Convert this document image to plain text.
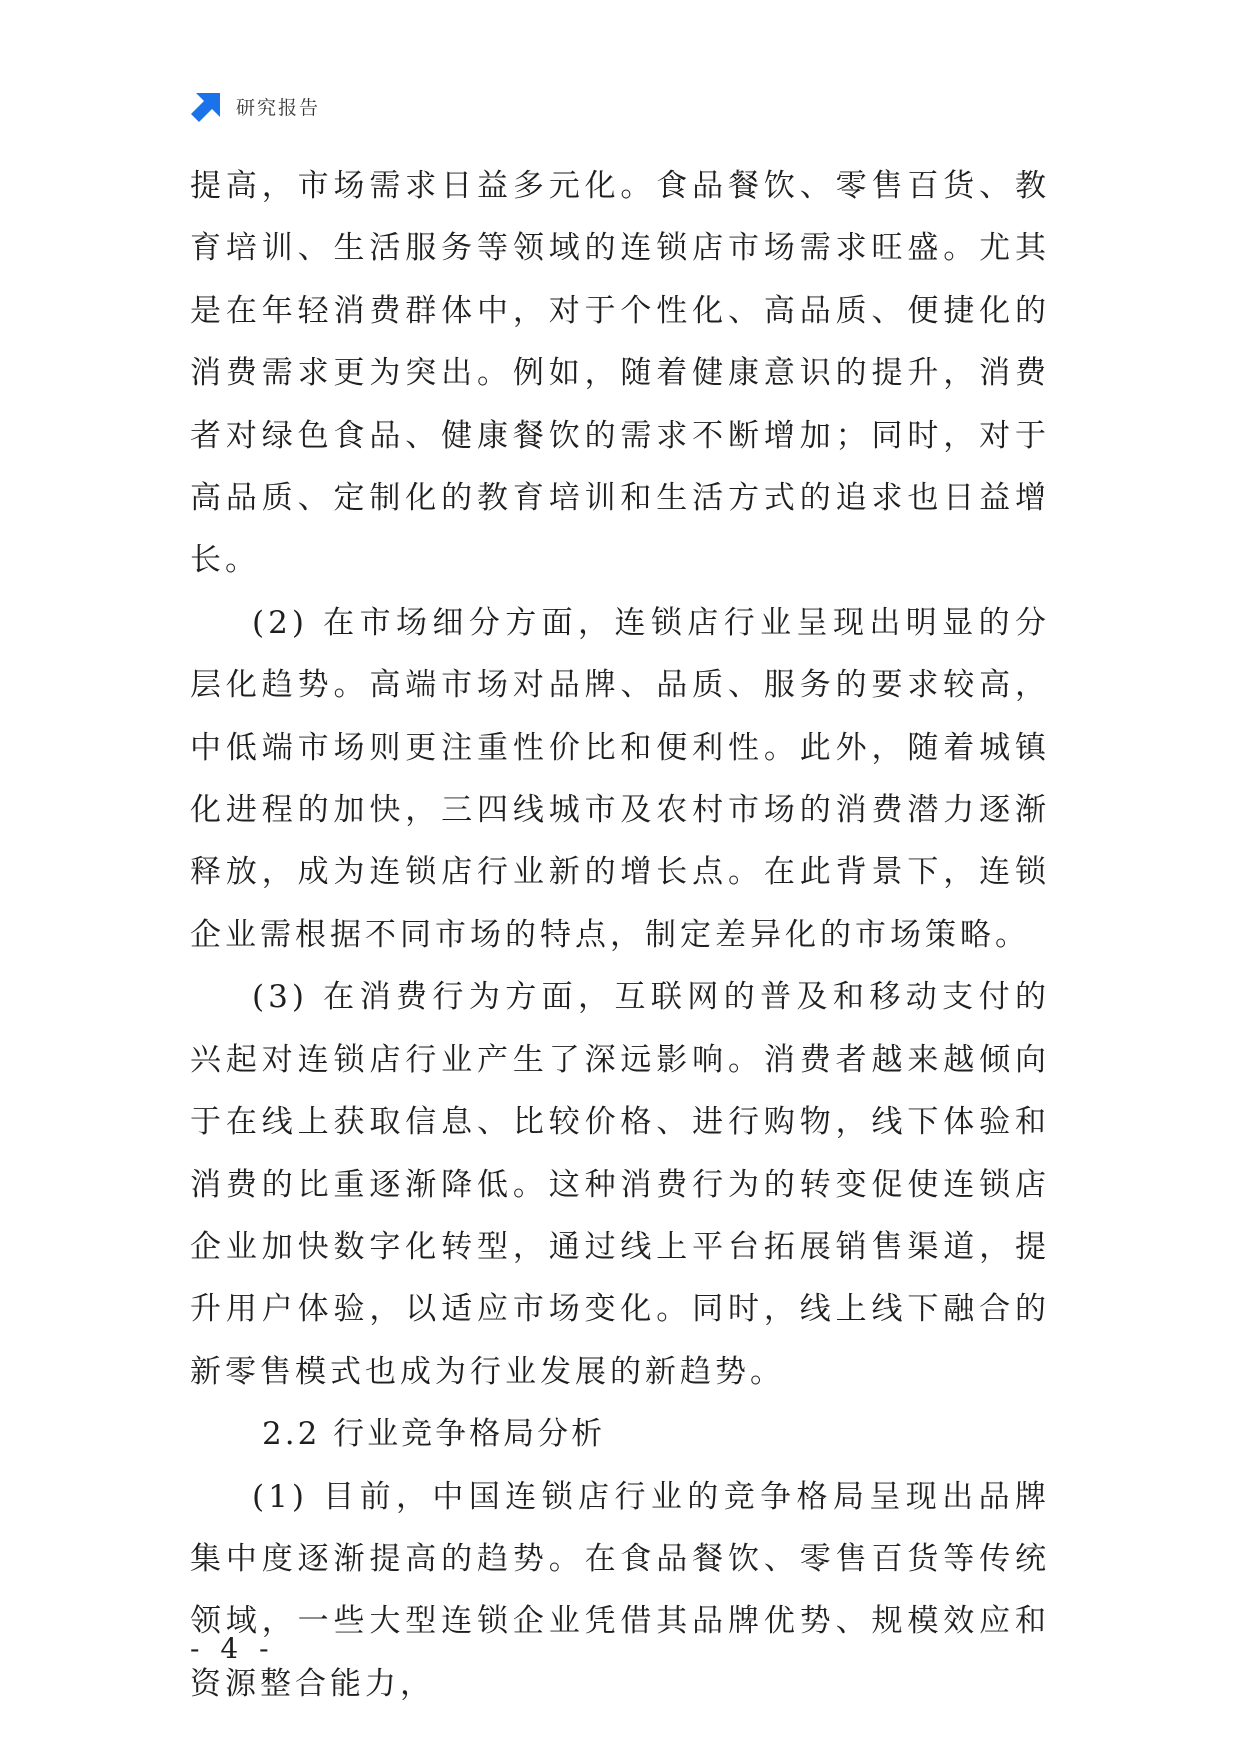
研究报告

提高，市场需求日益多元化。食品餐饮、零售百货、教育培训、生活服务等领域的连锁店市场需求旺盛。尤其是在年轻消费群体中，对于个性化、高品质、便捷化的消费需求更为突出。例如，随着健康意识的提升，消费者对绿色食品、健康餐饮的需求不断增加；同时，对于高品质、定制化的教育培训和生活方式的追求也日益增长。

(2) 在市场细分方面，连锁店行业呈现出明显的分层化趋势。高端市场对品牌、品质、服务的要求较高，中低端市场则更注重性价比和便利性。此外，随着城镇化进程的加快，三四线城市及农村市场的消费潜力逐渐释放，成为连锁店行业新的增长点。在此背景下，连锁企业需根据不同市场的特点，制定差异化的市场策略。

(3) 在消费行为方面，互联网的普及和移动支付的兴起对连锁店行业产生了深远影响。消费者越来越倾向于在线上获取信息、比较价格、进行购物，线下体验和消费的比重逐渐降低。这种消费行为的转变促使连锁店企业加快数字化转型，通过线上平台拓展销售渠道，提升用户体验，以适应市场变化。同时，线上线下融合的新零售模式也成为行业发展的新趋势。

2.2 行业竞争格局分析

(1) 目前，中国连锁店行业的竞争格局呈现出品牌集中度逐渐提高的趋势。在食品餐饮、零售百货等传统领域，一些大型连锁企业凭借其品牌优势、规模效应和资源整合能力，

- 4 -
